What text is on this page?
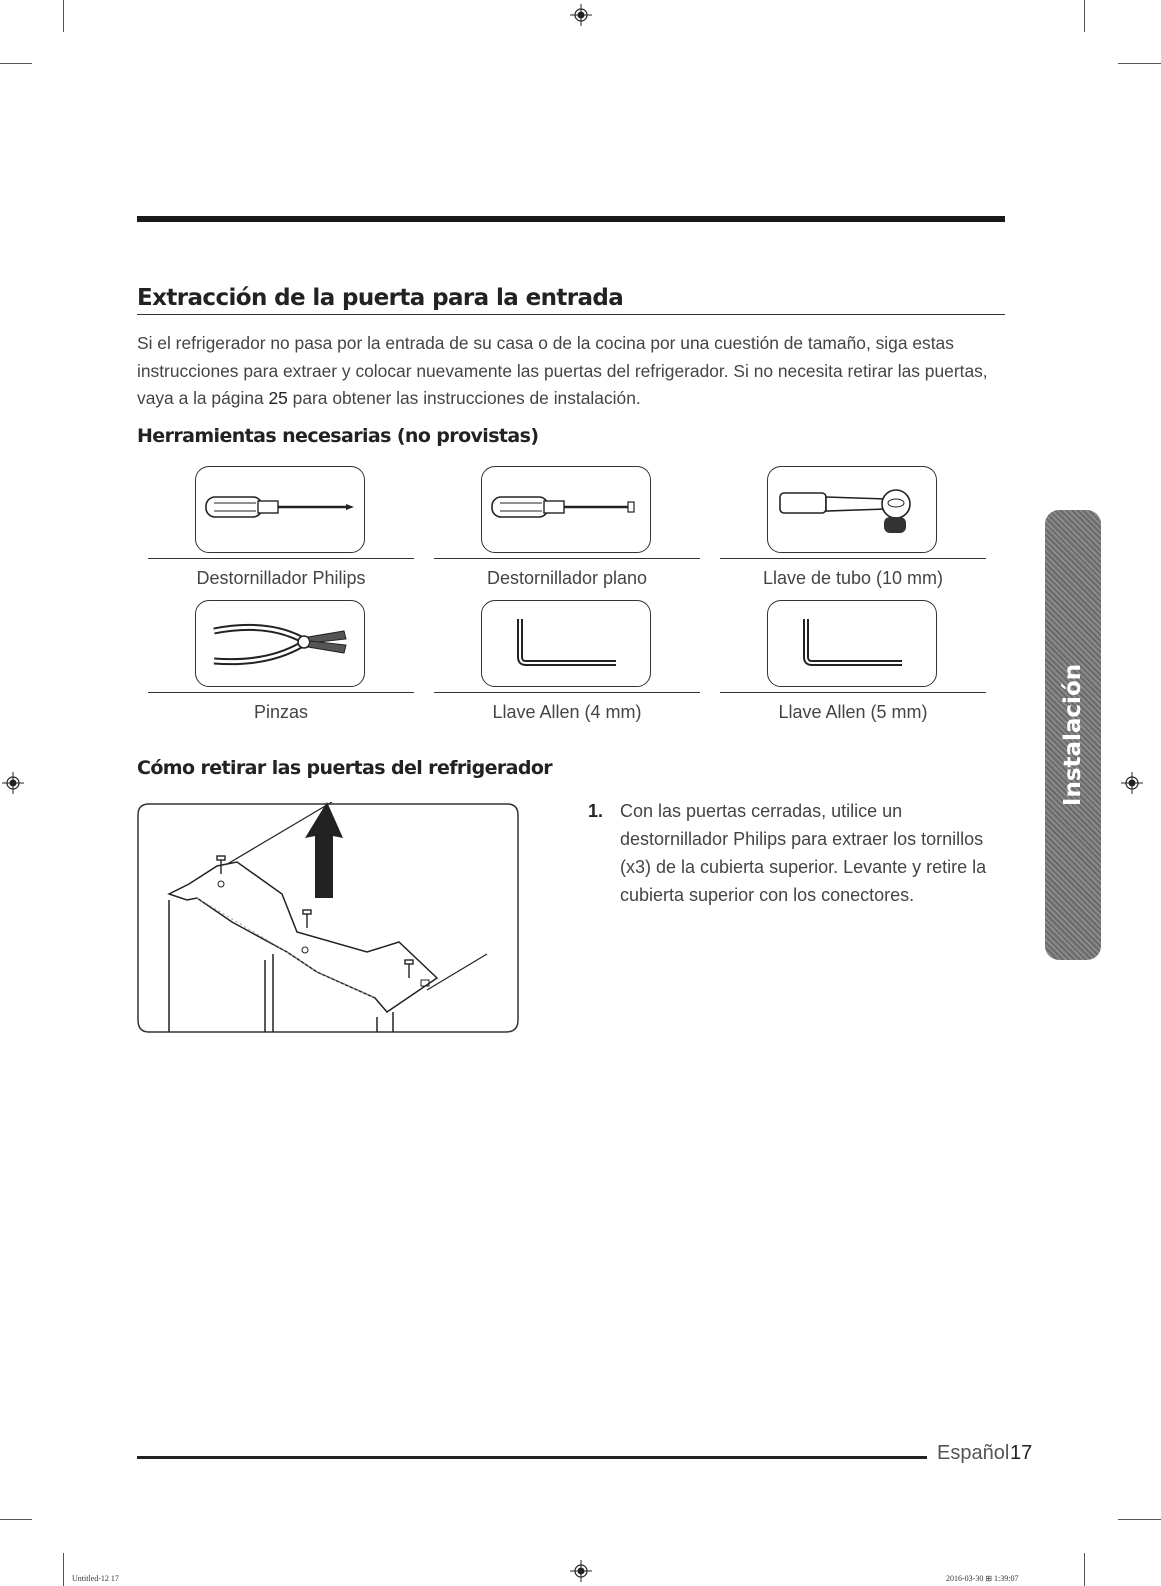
Extracción de la puerta para la entrada
Si el refrigerador no pasa por la entrada de su casa o de la cocina por una cuestión de tamaño, siga estas instrucciones para extraer y colocar nuevamente las puertas del refrigerador. Si no necesita retirar las puertas, vaya a la página 25 para obtener las instrucciones de instalación.
Herramientas necesarias (no provistas)
Destornillador Philips	Destornillador plano	Llave de tubo (10 mm)
Pinzas	Llave Allen (4 mm)	Llave Allen (5 mm)
Cómo retirar las puertas del refrigerador
1. Con las puertas cerradas, utilice un destornillador Philips para extraer los tornillos (x3) de la cubierta superior. Levante y retire la cubierta superior con los conectores.
Instalación
Español 17
Untitled-12 17	2016-03-30 ⊞ 1:39:07
